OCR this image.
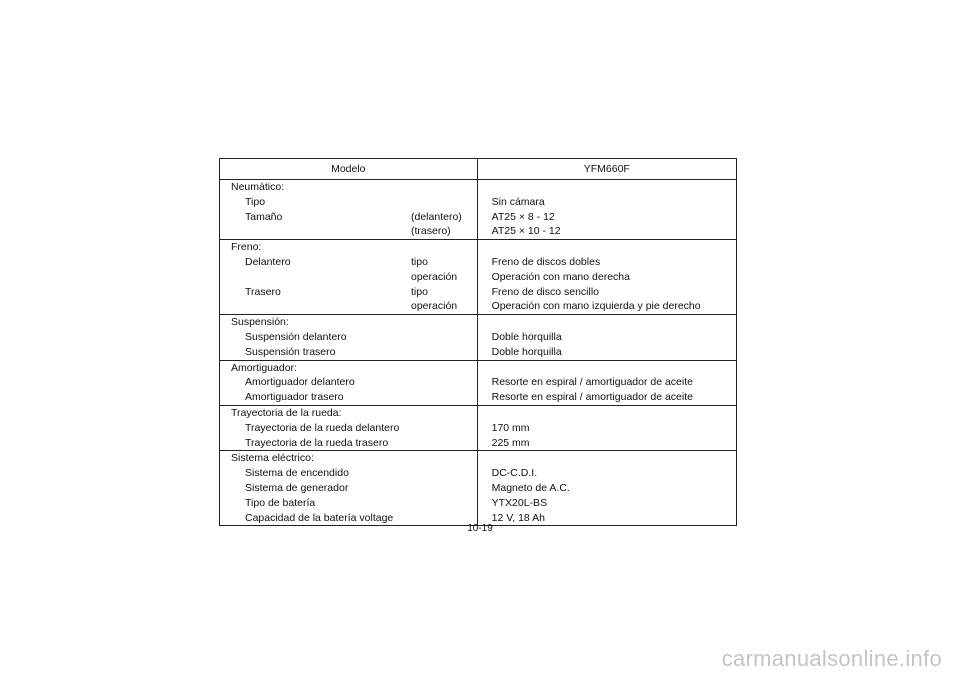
Modelo	YFM660F
Neumático:	
Tipo	Sin cámara
Tamaño (delantero)	AT25 × 8 - 12

(trasero)	AT25 × 10 - 12
Freno:	
Delantero tipo	Freno de discos dobles

operación	Operación con mano derecha
Trasero tipo	Freno de disco sencillo

operación	Operación con mano izquierda y pie derecho
Suspensión:	
Suspensión delantero	Doble horquilla
Suspensión trasero	Doble horquilla
Amortiguador:	
Amortiguador delantero	Resorte en espiral / amortiguador de aceite
Amortiguador trasero	Resorte en espiral / amortiguador de aceite
Trayectoria de la rueda:	
Trayectoria de la rueda delantero	170 mm
Trayectoria de la rueda trasero	225 mm
Sistema eléctrico:	
Sistema de encendido	DC-C.D.I.
Sistema de generador	Magneto de A.C.
Tipo de batería	YTX20L-BS
Capacidad de la batería voltage	12 V, 18 Ah
10-19
carmanualsonline.info
